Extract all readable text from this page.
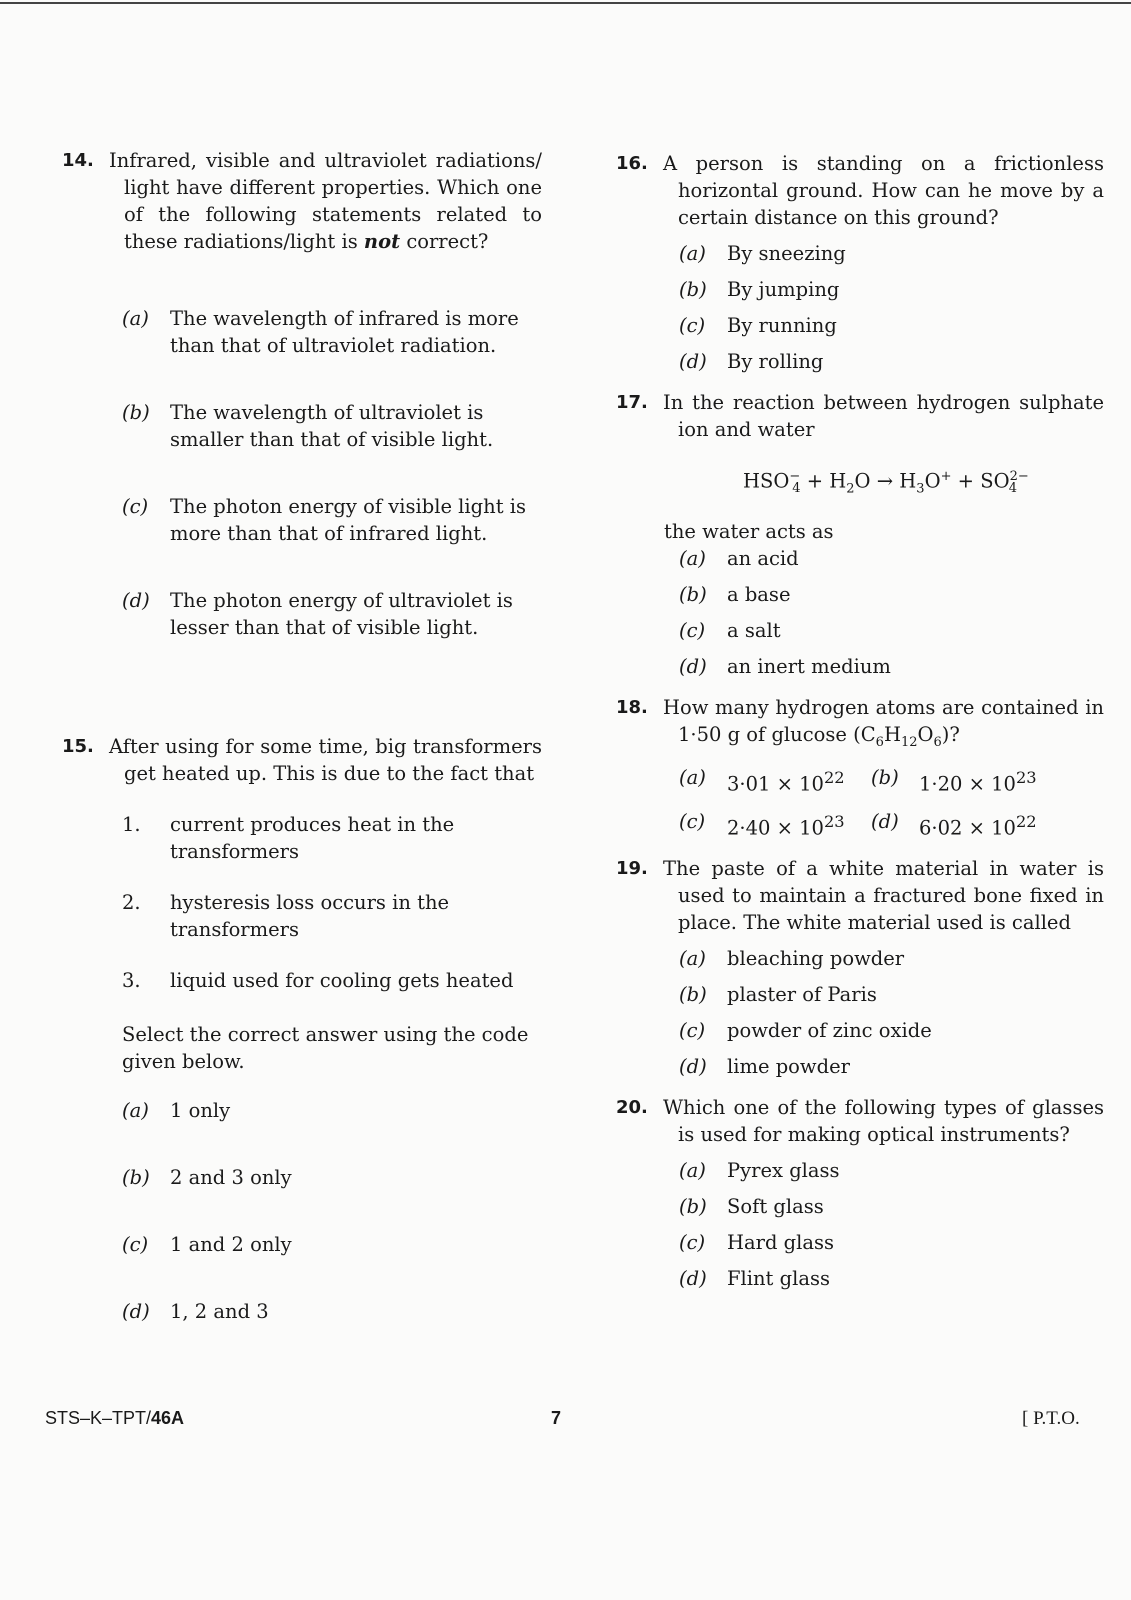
14. Infrared, visible and ultraviolet radiations/ light have different properties. Which one of the following statements related to these radiations/light is not correct?

(a) The wavelength of infrared is more than that of ultraviolet radiation.
(b) The wavelength of ultraviolet is smaller than that of visible light.
(c) The photon energy of visible light is more than that of infrared light.
(d) The photon energy of ultraviolet is lesser than that of visible light.
15. After using for some time, big transformers get heated up. This is due to the fact that

1. current produces heat in the transformers
2. hysteresis loss occurs in the transformers
3. liquid used for cooling gets heated

Select the correct answer using the code given below.

(a) 1 only
(b) 2 and 3 only
(c) 1 and 2 only
(d) 1, 2 and 3
16. A person is standing on a frictionless horizontal ground. How can he move by a certain distance on this ground?

(a) By sneezing
(b) By jumping
(c) By running
(d) By rolling
17. In the reaction between hydrogen sulphate ion and water

$HSO^-_4 + H_2O \to H_3O^+ + SO^{2-}_4$

the water acts as

(a) an acid
(b) a base
(c) a salt
(d) an inert medium
18. How many hydrogen atoms are contained in 1·50 g of glucose $(C_6H_{12}O_6)$?

(a) $3\cdot 01 \times 10^{22}$	(b) $1\cdot 20 \times 10^{23}$
(c) $2\cdot 40 \times 10^{23}$	(d) $6\cdot 02 \times 10^{22}$
19. The paste of a white material in water is used to maintain a fractured bone fixed in place. The white material used is called

(a) bleaching powder
(b) plaster of Paris
(c) powder of zinc oxide
(d) lime powder
20. Which one of the following types of glasses is used for making optical instruments?

(a) Pyrex glass
(b) Soft glass
(c) Hard glass
(d) Flint glass
STS–K–TPT/46A	7	[ P.T.O.
